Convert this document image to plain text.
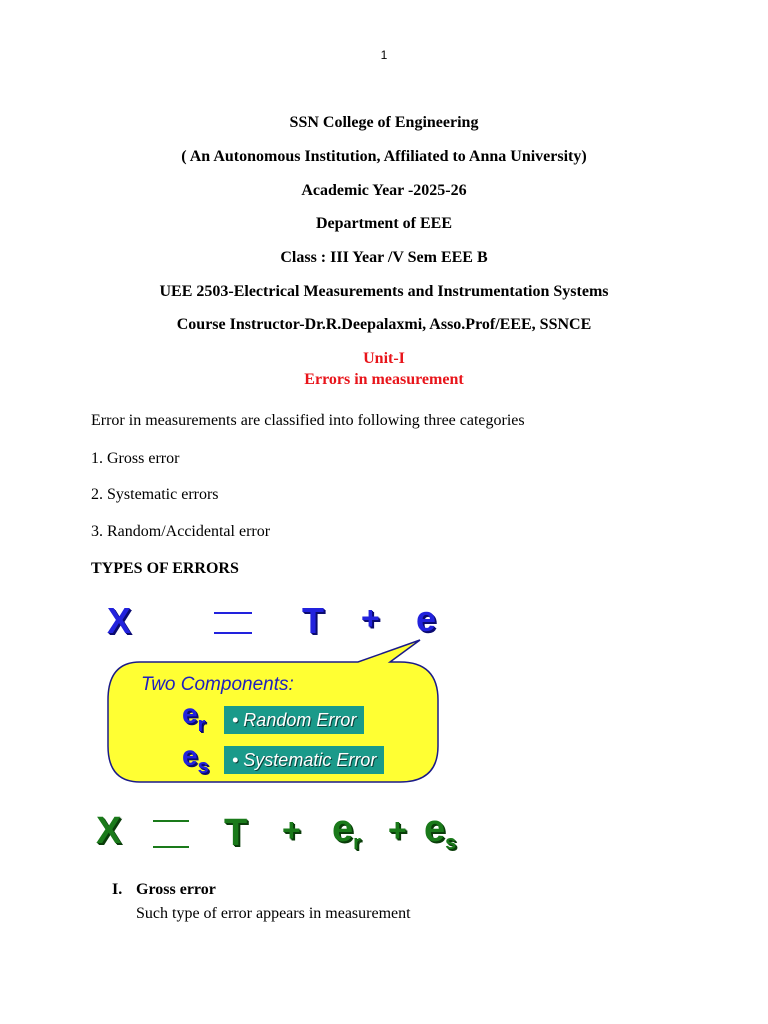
1
SSN College of Engineering
( An Autonomous Institution, Affiliated to Anna University)
Academic Year -2025-26
Department of EEE
Class : III Year /V Sem EEE B
UEE 2503-Electrical Measurements and Instrumentation Systems
Course Instructor-Dr.R.Deepalaxmi, Asso.Prof/EEE, SSNCE
Unit-I
Errors in measurement
Error in measurements are classified into following three categories
1. Gross error
2. Systematic errors
3. Random/Accidental error
TYPES OF ERRORS
X	T + e
Two Components:
$e_r$	• Random Error
$e_s$	• Systematic Error
X	$T + e_r + e_s$
I. Gross error
Such type of error appears in measurement
